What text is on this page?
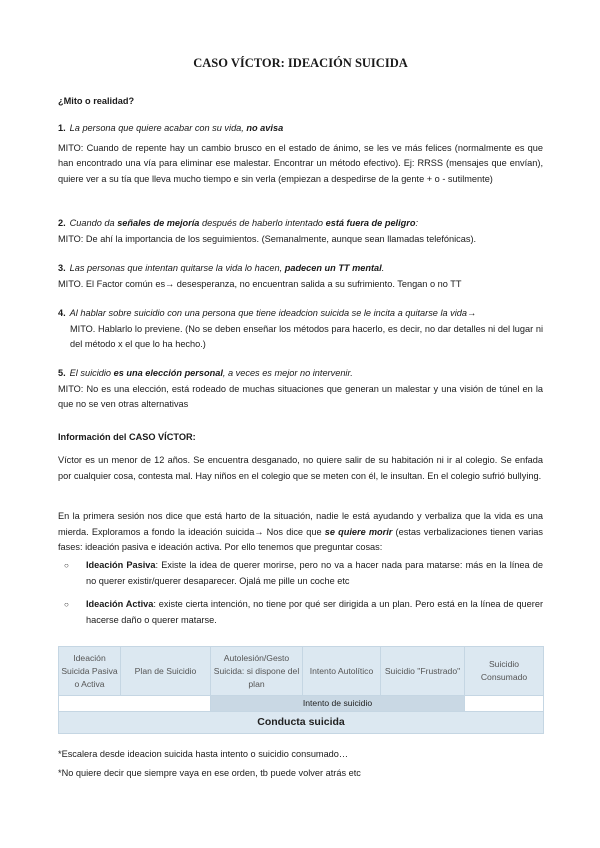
CASO VÍCTOR: IDEACIÓN SUICIDA
¿Mito o realidad?
1. La persona que quiere acabar con su vida, no avisa
MITO: Cuando de repente hay un cambio brusco en el estado de ánimo, se les ve más felices (normalmente es que han encontrado una vía para eliminar ese malestar. Encontrar un método efectivo). Ej: RRSS (mensajes que envían), quiere ver a su tía que lleva mucho tiempo e sin verla (empiezan a despedirse de la gente + o - sutilmente)
2. Cuando da señales de mejoría después de haberlo intentado está fuera de peligro:
MITO: De ahí la importancia de los seguimientos. (Semanalmente, aunque sean llamadas telefónicas).
3. Las personas que intentan quitarse la vida lo hacen, padecen un TT mental.
MITO. El Factor común es→ desesperanza, no encuentran salida a su sufrimiento. Tengan o no TT
4. Al hablar sobre suicidio con una persona que tiene ideadcion suicida se le incita a quitarse la vida→
MITO. Hablarlo lo previene. (No se deben enseñar los métodos para hacerlo, es decir, no dar detalles ni del lugar ni del método x el que lo ha hecho.)
5. El suicidio es una elección personal, a veces es mejor no intervenir.
MITO: No es una elección, está rodeado de muchas situaciones que generan un malestar y una visión de túnel en la que no se ven otras alternativas
Información del CASO VÍCTOR:
Víctor es un menor de 12 años. Se encuentra desganado, no quiere salir de su habitación ni ir al colegio. Se enfada por cualquier cosa, contesta mal. Hay niños en el colegio que se meten con él, le insultan. En el colegio sufrió bullying.
En la primera sesión nos dice que está harto de la situación, nadie le está ayudando y verbaliza que la vida es una mierda. Exploramos a fondo la ideación suicida→ Nos dice que se quiere morir (estas verbalizaciones tienen varias fases: ideación pasiva e ideación activa. Por ello tenemos que preguntar cosas:
○ Ideación Pasiva: Existe la idea de querer morirse, pero no va a hacer nada para matarse: más en la línea de no querer existir/querer desaparecer. Ojalá me pille un coche etc
○ Ideación Activa: existe cierta intención, no tiene por qué ser dirigida a un plan. Pero está en la línea de querer hacerse daño o querer matarse.
Ideación Suicida Pasiva o Activa	Plan de Suicidio	Autolesión/Gesto Suicida: si dispone del plan	Intento Autolítico	Suicidio "Frustrado"	Suicidio Consumado
		Intento de suicidio			
Conducta suicida					
*Escalera desde ideacion suicida hasta intento o suicidio consumado…
*No quiere decir que siempre vaya en ese orden, tb puede volver atrás etc
